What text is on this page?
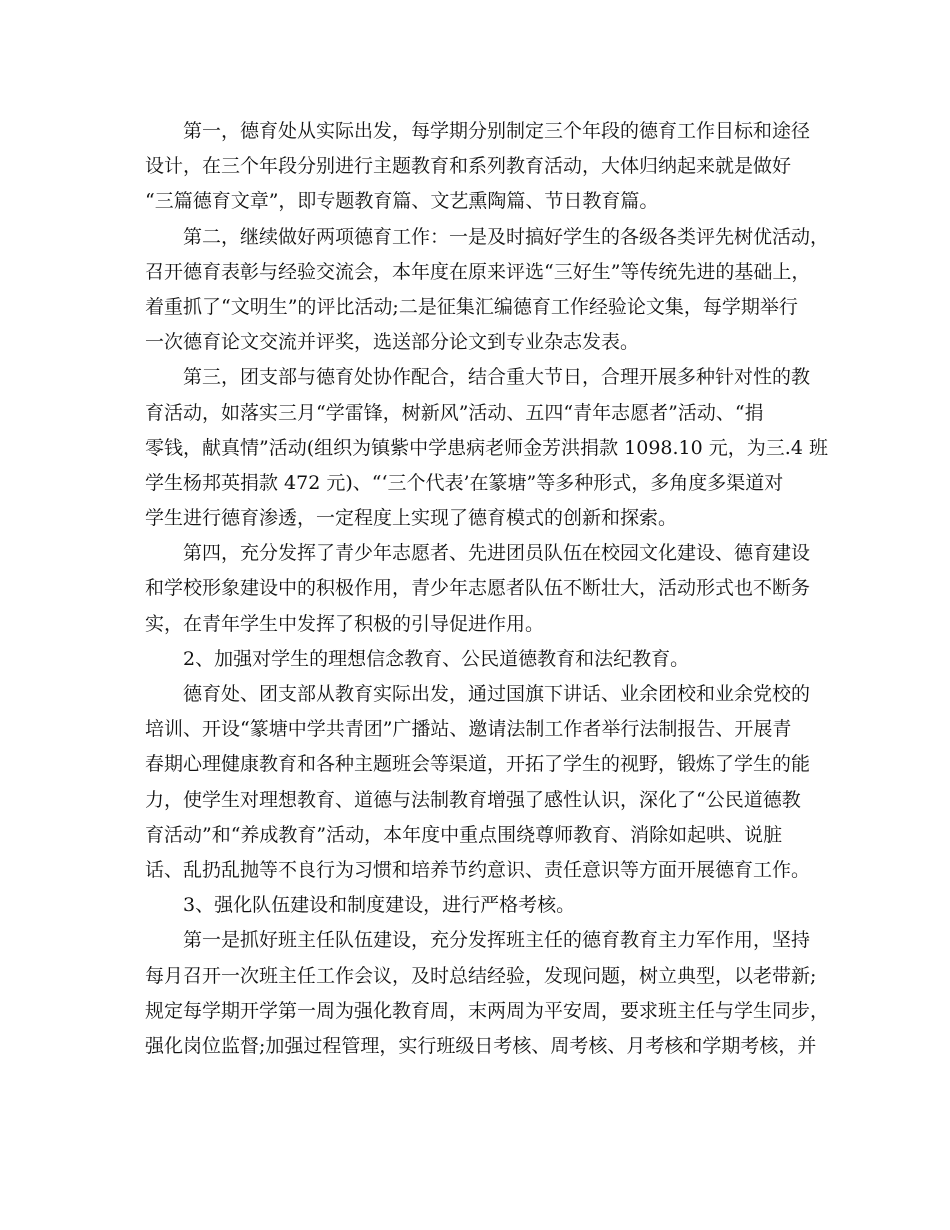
　　第一，德育处从实际出发，每学期分别制定三个年段的德育工作目标和途径
设计，在三个年段分别进行主题教育和系列教育活动，大体归纳起来就是做好
“三篇德育文章”，即专题教育篇、文艺熏陶篇、节日教育篇。
　　第二，继续做好两项德育工作：一是及时搞好学生的各级各类评先树优活动，
召开德育表彰与经验交流会，本年度在原来评选“三好生”等传统先进的基础上，
着重抓了“文明生”的评比活动;二是征集汇编德育工作经验论文集，每学期举行
一次德育论文交流并评奖，选送部分论文到专业杂志发表。
　　第三，团支部与德育处协作配合，结合重大节日，合理开展多种针对性的教
育活动，如落实三月“学雷锋，树新风”活动、五四“青年志愿者”活动、“捐
零钱，献真情”活动(组织为镇紫中学患病老师金芳洪捐款 1098.10 元，为三.4 班
学生杨邦英捐款 472 元)、“‘三个代表’在篆塘”等多种形式，多角度多渠道对
学生进行德育渗透，一定程度上实现了德育模式的创新和探索。
　　第四，充分发挥了青少年志愿者、先进团员队伍在校园文化建设、德育建设
和学校形象建设中的积极作用，青少年志愿者队伍不断壮大，活动形式也不断务
实，在青年学生中发挥了积极的引导促进作用。
　　2、加强对学生的理想信念教育、公民道德教育和法纪教育。
　　德育处、团支部从教育实际出发，通过国旗下讲话、业余团校和业余党校的
培训、开设“篆塘中学共青团”广播站、邀请法制工作者举行法制报告、开展青
春期心理健康教育和各种主题班会等渠道，开拓了学生的视野，锻炼了学生的能
力，使学生对理想教育、道德与法制教育增强了感性认识，深化了“公民道德教
育活动”和“养成教育”活动，本年度中重点围绕尊师教育、消除如起哄、说脏
话、乱扔乱抛等不良行为习惯和培养节约意识、责任意识等方面开展德育工作。
　　3、强化队伍建设和制度建设，进行严格考核。
　　第一是抓好班主任队伍建设，充分发挥班主任的德育教育主力军作用，坚持
每月召开一次班主任工作会议，及时总结经验，发现问题，树立典型，以老带新;
规定每学期开学第一周为强化教育周，末两周为平安周，要求班主任与学生同步，
强化岗位监督;加强过程管理，实行班级日考核、周考核、月考核和学期考核，并
